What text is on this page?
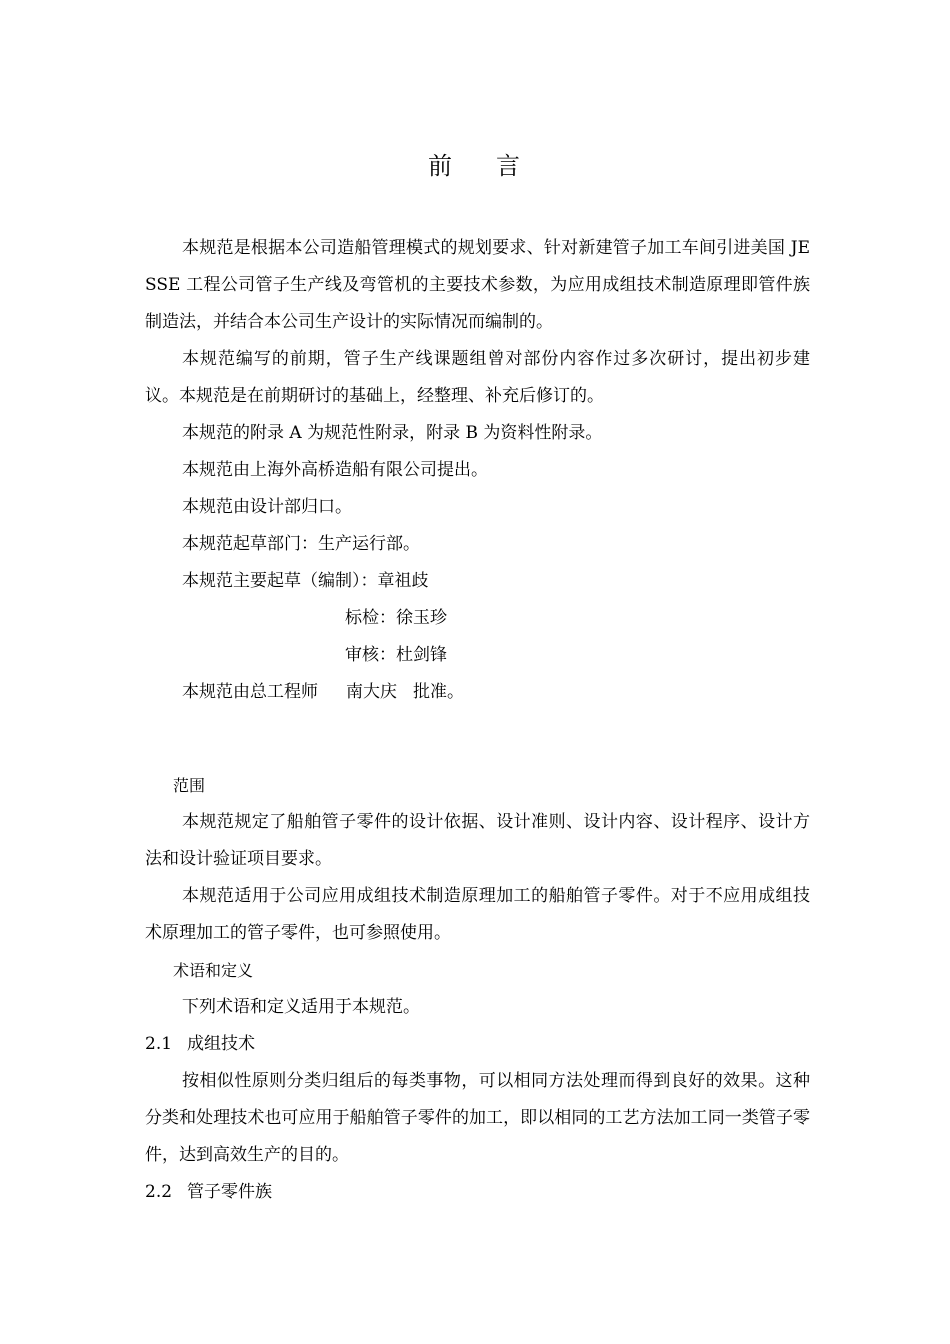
前 言

本规范是根据本公司造船管理模式的规划要求、针对新建管子加工车间引进美国 JESSE 工程公司管子生产线及弯管机的主要技术参数，为应用成组技术制造原理即管件族制造法，并结合本公司生产设计的实际情况而编制的。

本规范编写的前期，管子生产线课题组曾对部份内容作过多次研讨，提出初步建议。本规范是在前期研讨的基础上，经整理、补充后修订的。

本规范的附录 A 为规范性附录，附录 B 为资料性附录。

本规范由上海外高桥造船有限公司提出。

本规范由设计部归口。

本规范起草部门：生产运行部。

本规范主要起草（编制）：章祖歧

标检：徐玉珍

审核：杜剑锋

本规范由总工程师 南大庆 批准。

范围

本规范规定了船舶管子零件的设计依据、设计准则、设计内容、设计程序、设计方法和设计验证项目要求。

本规范适用于公司应用成组技术制造原理加工的船舶管子零件。对于不应用成组技术原理加工的管子零件，也可参照使用。

术语和定义

下列术语和定义适用于本规范。

2.1 成组技术

按相似性原则分类归组后的每类事物，可以相同方法处理而得到良好的效果。这种分类和处理技术也可应用于船舶管子零件的加工，即以相同的工艺方法加工同一类管子零件，达到高效生产的目的。

2.2 管子零件族
